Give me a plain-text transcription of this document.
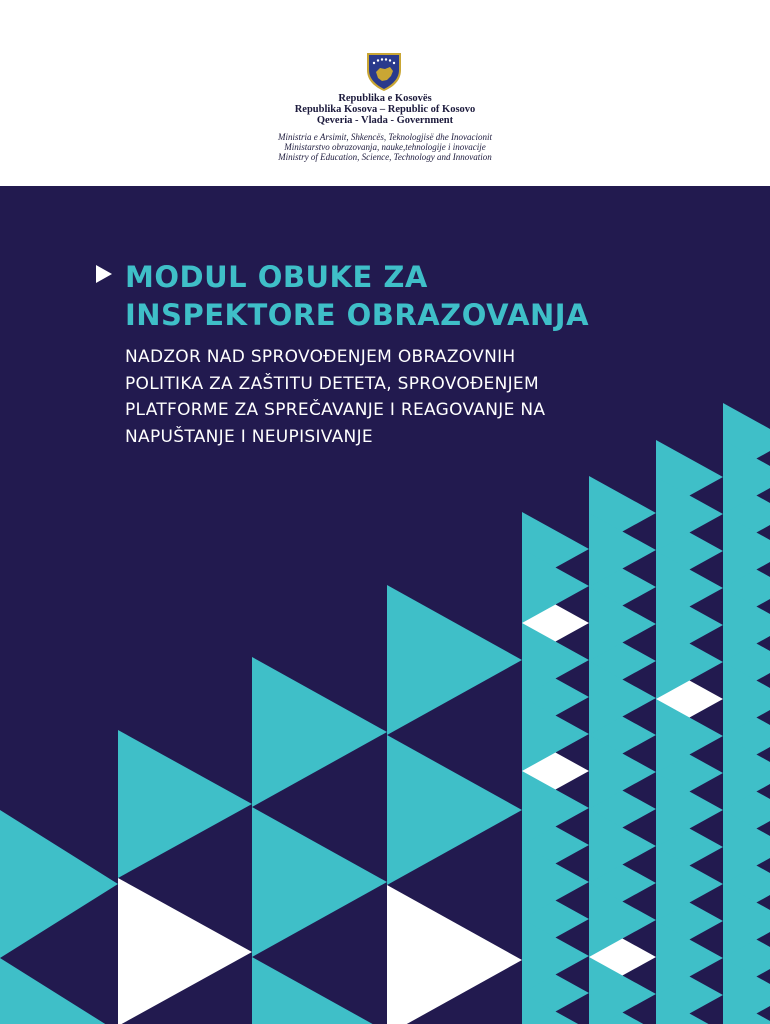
Republika e Kosovës
Republika Kosova – Republic of Kosovo
Qeveria - Vlada - Government
Ministria e Arsimit, Shkencës, Teknologjisë dhe Inovacionit
Ministarstvo obrazovanja, nauke,tehnologije i inovacije
Ministry of Education, Science, Technology and Innovation
MODUL OBUKE ZA
INSPEKTORE OBRAZOVANJA

NADZOR NAD SPROVOĐENJEM OBRAZOVNIH
POLITIKA ZA ZAŠTITU DETETA, SPROVOĐENJEM
PLATFORME ZA SPREČAVANJE I REAGOVANJE NA
NAPUŠTANJE I NEUPISIVANJE
